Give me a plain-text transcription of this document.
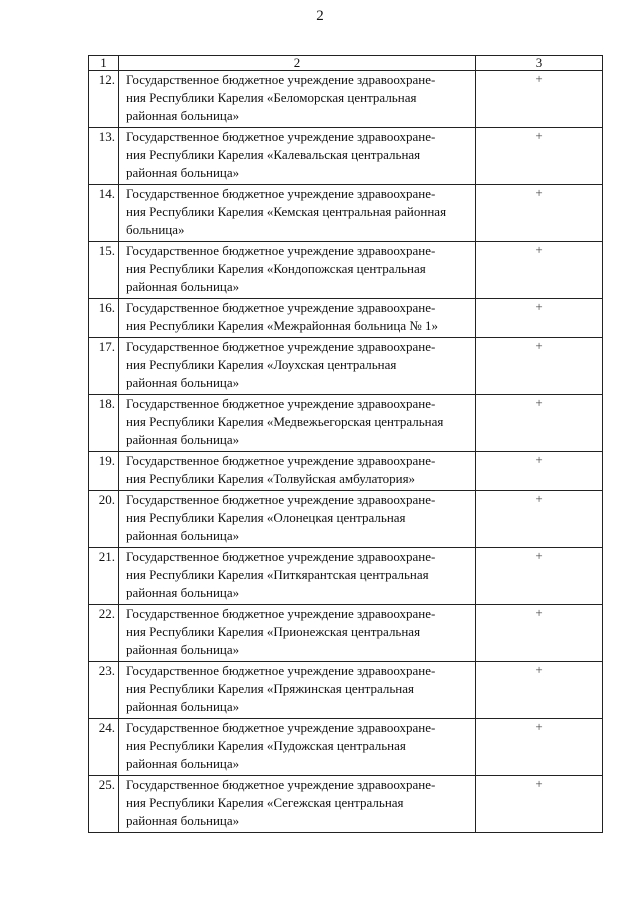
2
1	2	3
12.	Государственное бюджетное учреждение здравоохране-
ния Республики Карелия «Беломорская центральная
районная больница»	+
13.	Государственное бюджетное учреждение здравоохране-
ния Республики Карелия «Калевальская центральная
районная больница»	+
14.	Государственное бюджетное учреждение здравоохране-
ния Республики Карелия «Кемская центральная районная
больница»	+
15.	Государственное бюджетное учреждение здравоохране-
ния Республики Карелия «Кондопожская центральная
районная больница»	+
16.	Государственное бюджетное учреждение здравоохране-
ния Республики Карелия «Межрайонная больница № 1»	+
17.	Государственное бюджетное учреждение здравоохране-
ния Республики Карелия «Лоухская центральная
районная больница»	+
18.	Государственное бюджетное учреждение здравоохране-
ния Республики Карелия «Медвежьегорская центральная
районная больница»	+
19.	Государственное бюджетное учреждение здравоохране-
ния Республики Карелия «Толвуйская амбулатория»	+
20.	Государственное бюджетное учреждение здравоохране-
ния Республики Карелия «Олонецкая центральная
районная больница»	+
21.	Государственное бюджетное учреждение здравоохране-
ния Республики Карелия «Питкярантская центральная
районная больница»	+
22.	Государственное бюджетное учреждение здравоохране-
ния Республики Карелия «Прионежская центральная
районная больница»	+
23.	Государственное бюджетное учреждение здравоохране-
ния Республики Карелия «Пряжинская центральная
районная больница»	+
24.	Государственное бюджетное учреждение здравоохране-
ния Республики Карелия «Пудожская центральная
районная больница»	+
25.	Государственное бюджетное учреждение здравоохране-
ния Республики Карелия «Сегежская центральная
районная больница»	+
